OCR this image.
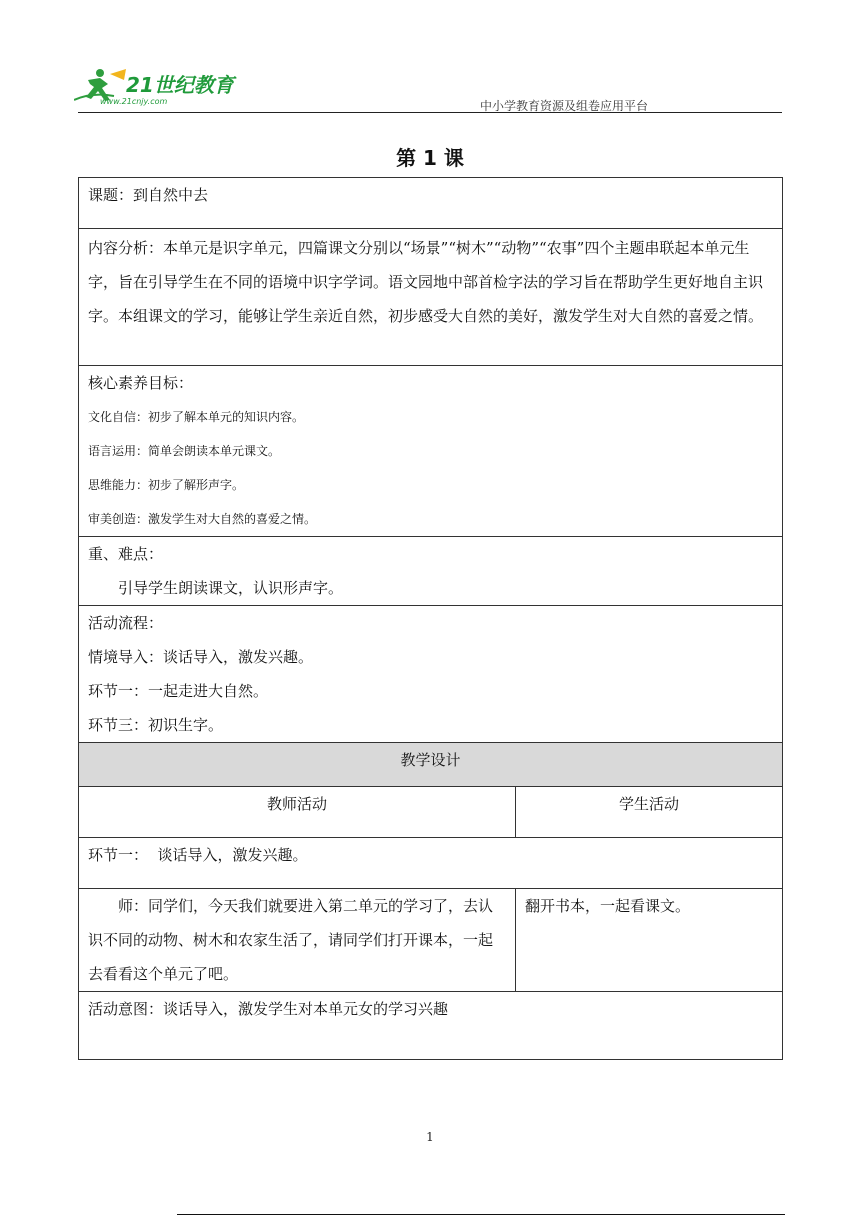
21世纪教育
www.21cnjy.com	中小学教育资源及组卷应用平台
第 1 课
课题：到自然中去	
内容分析：本单元是识字单元，四篇课文分别以“场景”“树木”“动物”“农事”四个主题串联起本单元生字，旨在引导学生在不同的语境中识字学词。语文园地中部首检字法的学习旨在帮助学生更好地自主识字。本组课文的学习，能够让学生亲近自然，初步感受大自然的美好，激发学生对大自然的喜爱之情。	

核心素养目标：
文化自信：初步了解本单元的知识内容。
语言运用：简单会朗读本单元课文。
思维能力：初步了解形声字。
审美创造：激发学生对大自然的喜爱之情。	

重、难点：
引导学生朗读课文，认识形声字。	

活动流程：
情境导入：谈话导入，激发兴趣。
环节一：一起走进大自然。
环节三：初识生字。	

教学设计	
教师活动	学生活动
环节一：  谈话导入，激发兴趣。	
师：同学们，今天我们就要进入第二单元的学习了，去认识不同的动物、树木和农家生活了，请同学们打开课本，一起去看看这个单元了吧。	翻开书本，一起看课文。
活动意图：谈话导入，激发学生对本单元女的学习兴趣	
1
